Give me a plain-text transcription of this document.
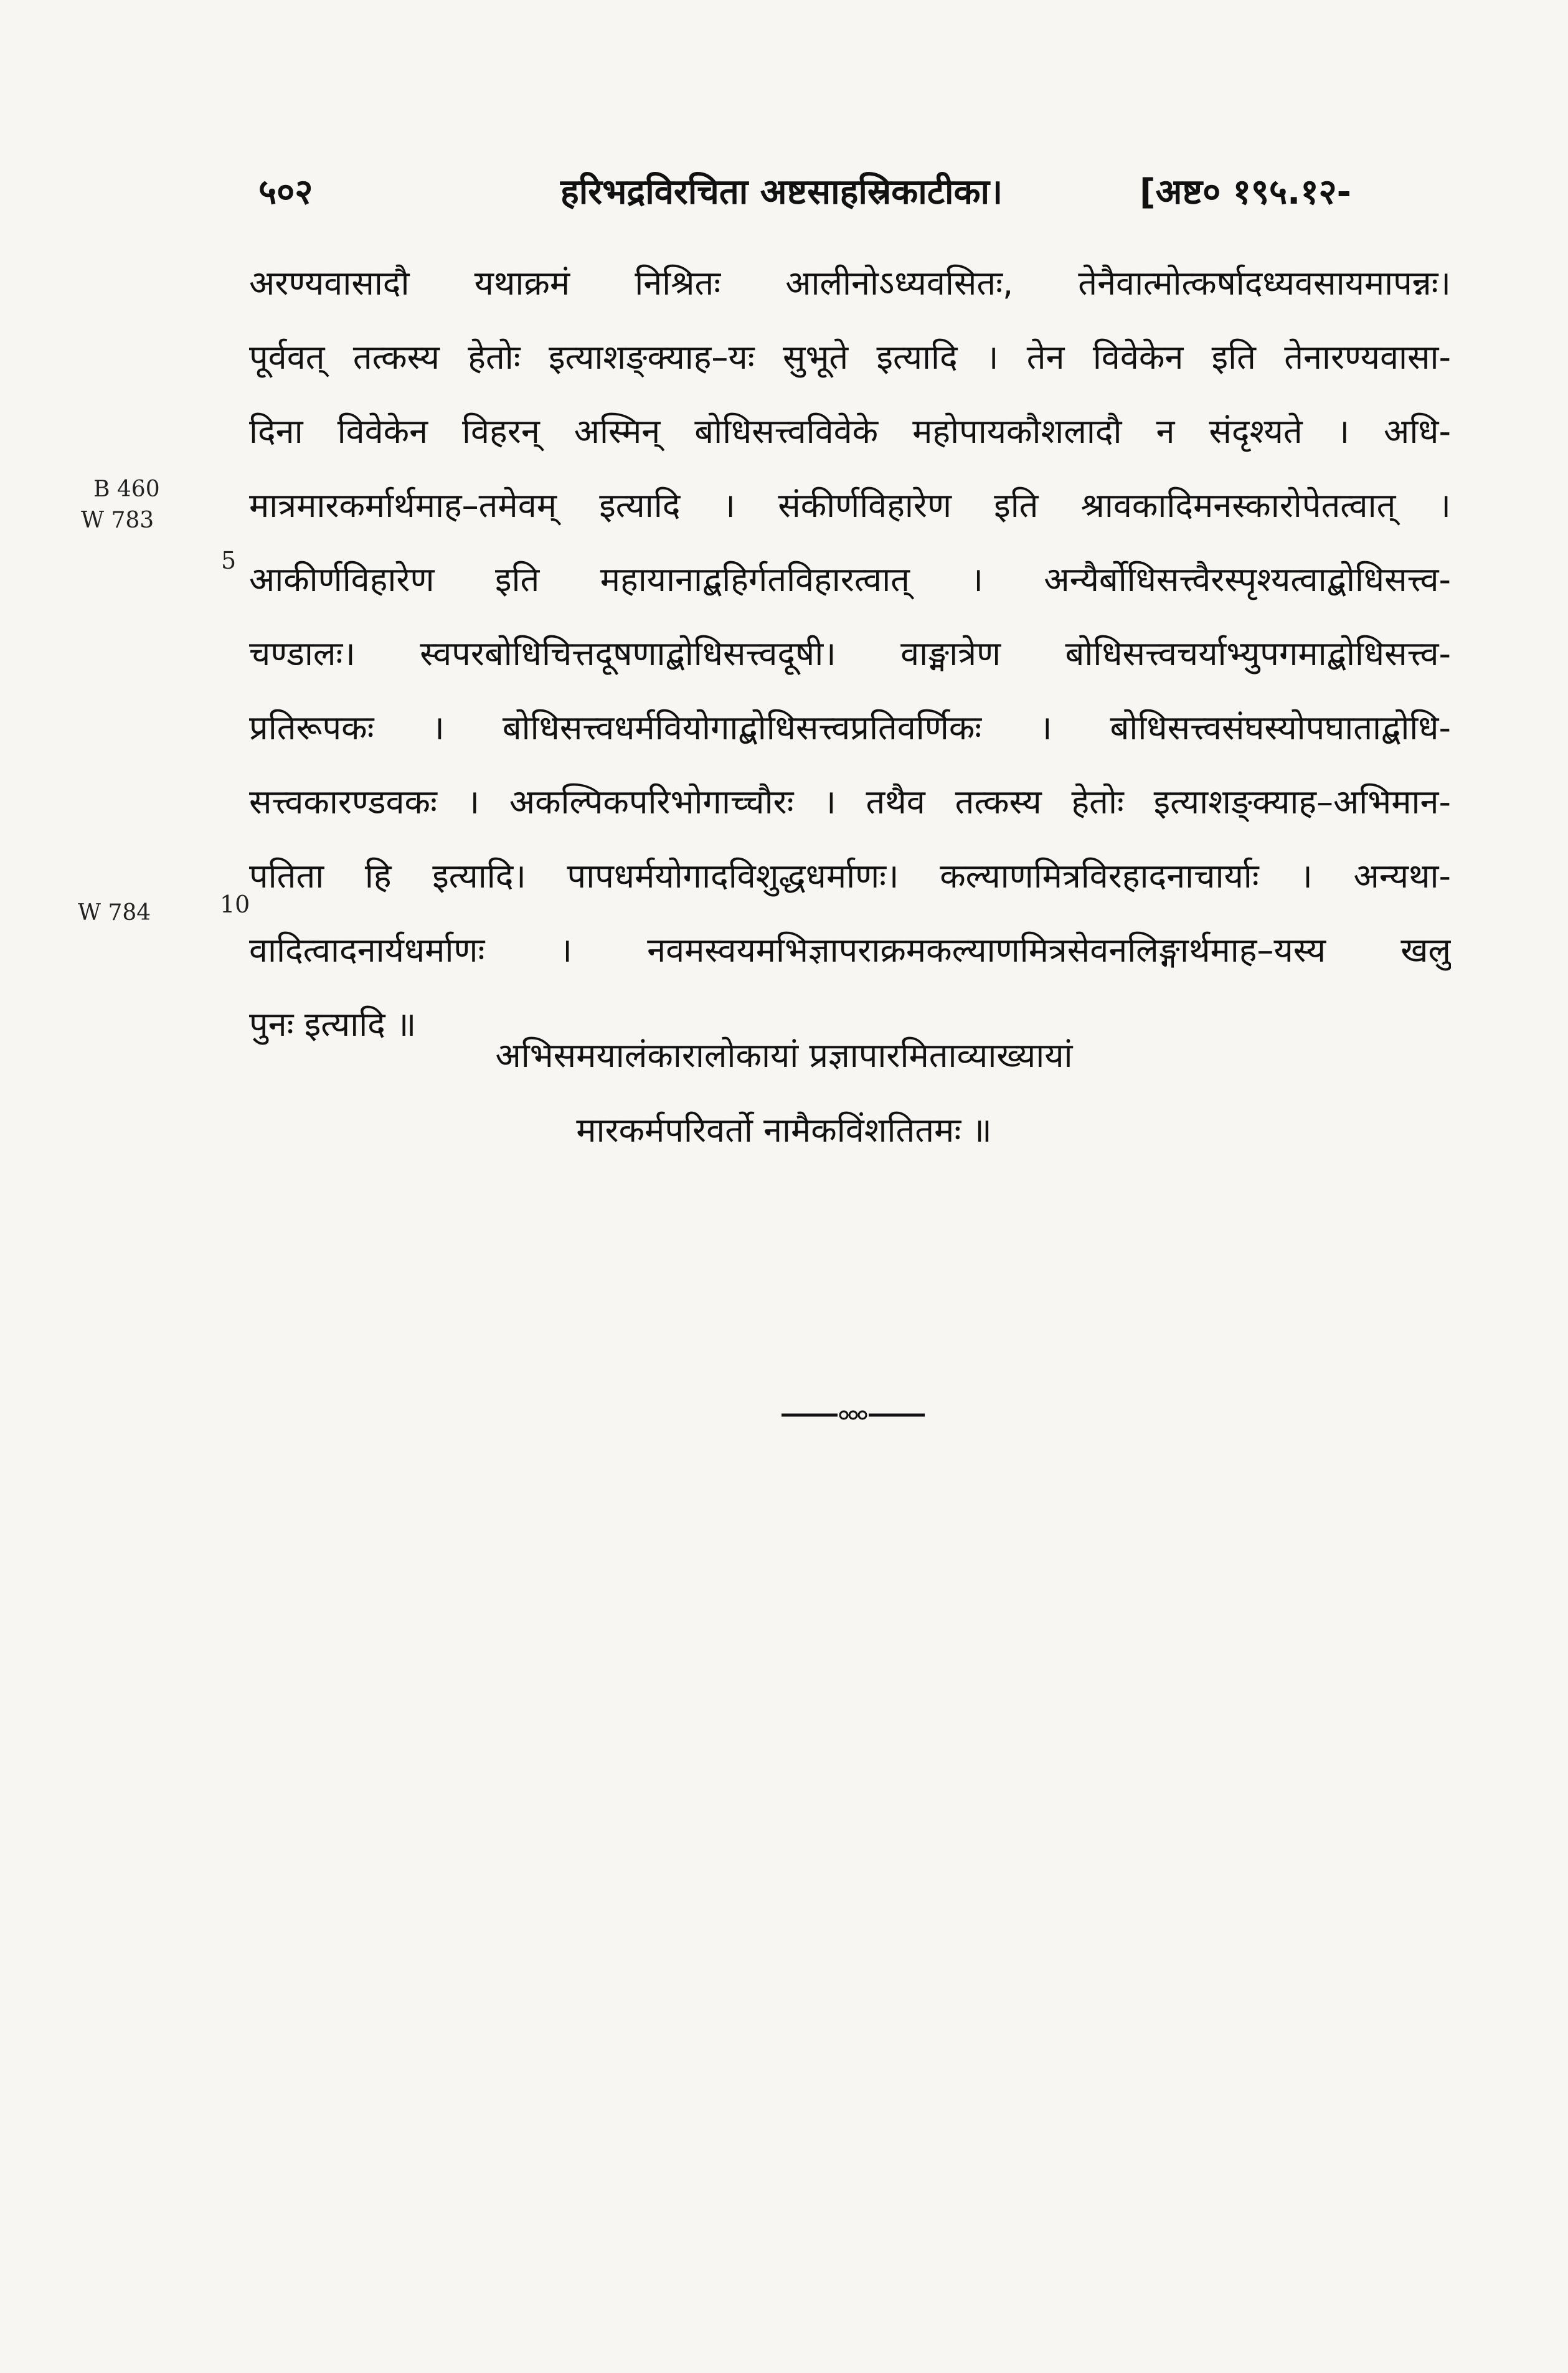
५०२	हरिभद्रविरचिता अष्टसाहस्रिकाटीका।	[अष्ट० १९५.१२-
B 460
W 783
W 784
5
10
अरण्यवासादौ यथाक्रमं निश्रितः आलीनोऽध्यवसितः, तेनैवात्मोत्कर्षादध्यवसायमापन्नः।
पूर्ववत् तत्कस्य हेतोः इत्याशङ्क्याह–यः सुभूते इत्यादि । तेन विवेकेन इति तेनारण्यवासा-
दिना विवेकेन विहरन् अस्मिन् बोधिसत्त्वविवेके महोपायकौशलादौ न संदृश्यते । अधि-
मात्रमारकर्मार्थमाह–तमेवम् इत्यादि । संकीर्णविहारेण इति श्रावकादिमनस्कारोपेतत्वात् ।
आकीर्णविहारेण इति महायानाद्बहिर्गतविहारत्वात् । अन्यैर्बोधिसत्त्वैरस्पृश्यत्वाद्बोधिसत्त्व-
चण्डालः। स्वपरबोधिचित्तदूषणाद्बोधिसत्त्वदूषी। वाङ्मात्रेण बोधिसत्त्वचर्याभ्युपगमाद्बोधिसत्त्व-
प्रतिरूपकः । बोधिसत्त्वधर्मवियोगाद्बोधिसत्त्वप्रतिवर्णिकः । बोधिसत्त्वसंघस्योपघाताद्बोधि-
सत्त्वकारण्डवकः । अकल्पिकपरिभोगाच्चौरः । तथैव तत्कस्य हेतोः इत्याशङ्क्याह–अभिमान-
पतिता हि इत्यादि। पापधर्मयोगादविशुद्धधर्माणः। कल्याणमित्रविरहादनाचार्याः । अन्यथा-
वादित्वादनार्यधर्माणः । नवमस्वयमभिज्ञापराक्रमकल्याणमित्रसेवनलिङ्गार्थमाह–यस्य खलु
पुनः इत्यादि ॥
अभिसमयालंकारालोकायां प्रज्ञापारमिताव्याख्यायां
मारकर्मपरिवर्तो नामैकविंशतितमः ॥
